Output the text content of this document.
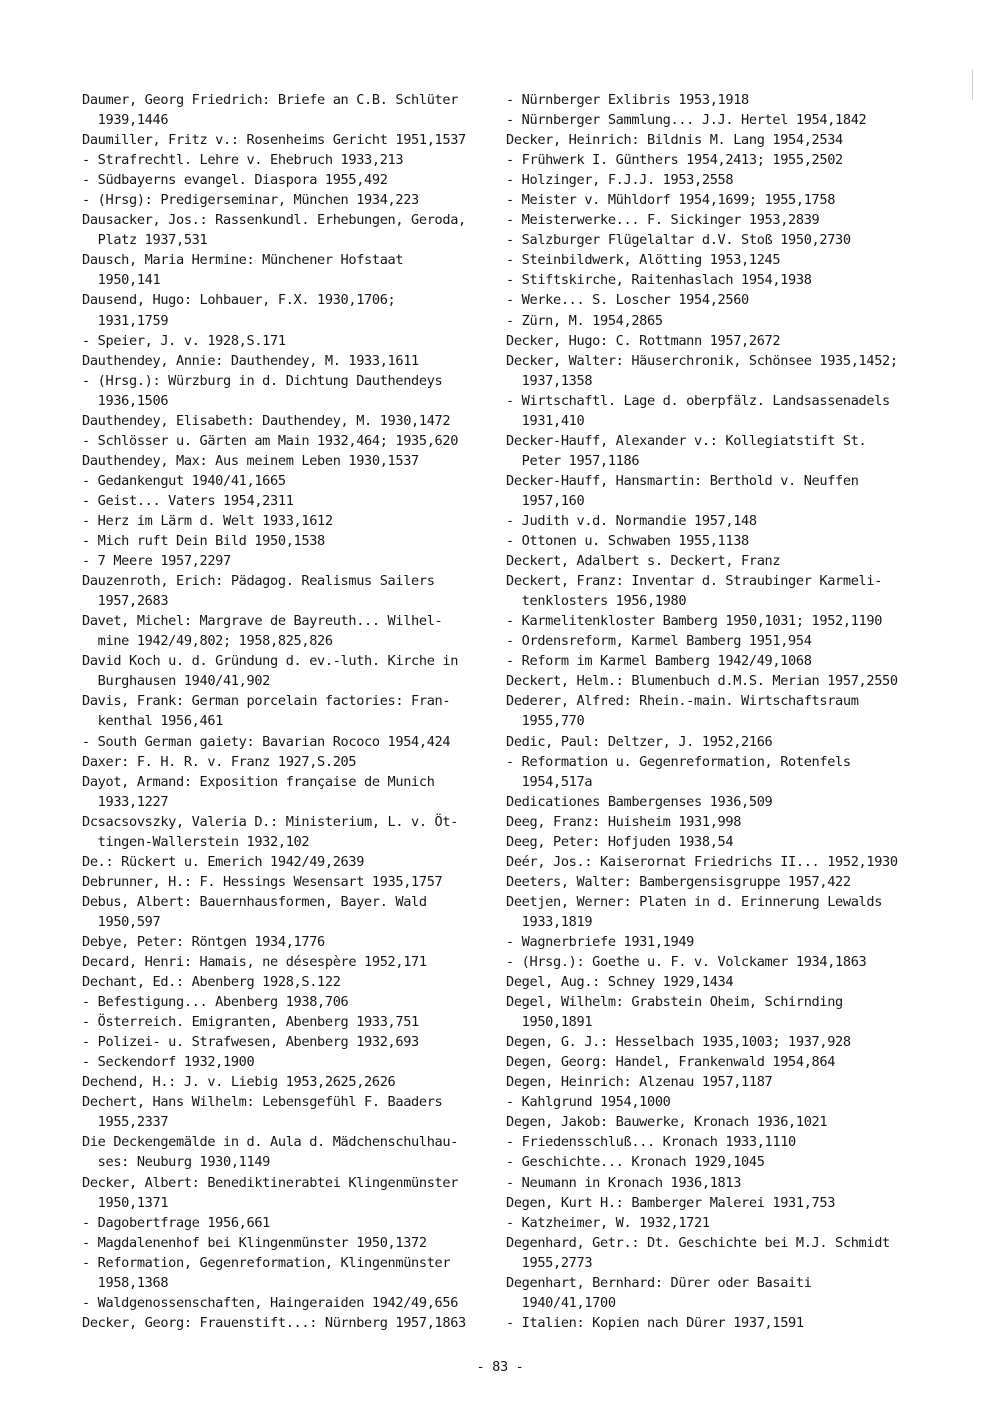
Daumer, Georg Friedrich: Briefe an C.B. Schlüter
1939,1446
Daumiller, Fritz v.: Rosenheims Gericht 1951,1537
- Strafrechtl. Lehre v. Ehebruch 1933,213
- Südbayerns evangel. Diaspora 1955,492
- (Hrsg): Predigerseminar, München 1934,223
Dausacker, Jos.: Rassenkundl. Erhebungen, Geroda,
Platz 1937,531
Dausch, Maria Hermine: Münchener Hofstaat
1950,141
Dausend, Hugo: Lohbauer, F.X. 1930,1706;
1931,1759
- Speier, J. v. 1928,S.171
Dauthendey, Annie: Dauthendey, M. 1933,1611
- (Hrsg.): Würzburg in d. Dichtung Dauthendeys
1936,1506
Dauthendey, Elisabeth: Dauthendey, M. 1930,1472
- Schlösser u. Gärten am Main 1932,464; 1935,620
Dauthendey, Max: Aus meinem Leben 1930,1537
- Gedankengut 1940/41,1665
- Geist... Vaters 1954,2311
- Herz im Lärm d. Welt 1933,1612
- Mich ruft Dein Bild 1950,1538
- 7 Meere 1957,2297
Dauzenroth, Erich: Pädagog. Realismus Sailers
1957,2683
Davet, Michel: Margrave de Bayreuth... Wilhel-
mine 1942/49,802; 1958,825,826
David Koch u. d. Gründung d. ev.-luth. Kirche in
Burghausen 1940/41,902
Davis, Frank: German porcelain factories: Fran-
kenthal 1956,461
- South German gaiety: Bavarian Rococo 1954,424
Daxer: F. H. R. v. Franz 1927,S.205
Dayot, Armand: Exposition française de Munich
1933,1227
Dcsacsovszky, Valeria D.: Ministerium, L. v. Öt-
tingen-Wallerstein 1932,102
De.: Rückert u. Emerich 1942/49,2639
Debrunner, H.: F. Hessings Wesensart 1935,1757
Debus, Albert: Bauernhausformen, Bayer. Wald
1950,597
Debye, Peter: Röntgen 1934,1776
Decard, Henri: Hamais, ne désespère 1952,171
Dechant, Ed.: Abenberg 1928,S.122
- Befestigung... Abenberg 1938,706
- Österreich. Emigranten, Abenberg 1933,751
- Polizei- u. Strafwesen, Abenberg 1932,693
- Seckendorf 1932,1900
Dechend, H.: J. v. Liebig 1953,2625,2626
Dechert, Hans Wilhelm: Lebensgefühl F. Baaders
1955,2337
Die Deckengemälde in d. Aula d. Mädchenschulhau-
ses: Neuburg 1930,1149
Decker, Albert: Benediktinerabtei Klingenmünster
1950,1371
- Dagobertfrage 1956,661
- Magdalenenhof bei Klingenmünster 1950,1372
- Reformation, Gegenreformation, Klingenmünster
1958,1368
- Waldgenossenschaften, Haingeraiden 1942/49,656
Decker, Georg: Frauenstift...: Nürnberg 1957,1863
- Nürnberger Exlibris 1953,1918
- Nürnberger Sammlung... J.J. Hertel 1954,1842
Decker, Heinrich: Bildnis M. Lang 1954,2534
- Frühwerk I. Günthers 1954,2413; 1955,2502
- Holzinger, F.J.J. 1953,2558
- Meister v. Mühldorf 1954,1699; 1955,1758
- Meisterwerke... F. Sickinger 1953,2839
- Salzburger Flügelaltar d.V. Stoß 1950,2730
- Steinbildwerk, Alötting 1953,1245
- Stiftskirche, Raitenhaslach 1954,1938
- Werke... S. Loscher 1954,2560
- Zürn, M. 1954,2865
Decker, Hugo: C. Rottmann 1957,2672
Decker, Walter: Häuserchronik, Schönsee 1935,1452;
1937,1358
- Wirtschaftl. Lage d. oberpfälz. Landsassenadels
1931,410
Decker-Hauff, Alexander v.: Kollegiatstift St.
Peter 1957,1186
Decker-Hauff, Hansmartin: Berthold v. Neuffen
1957,160
- Judith v.d. Normandie 1957,148
- Ottonen u. Schwaben 1955,1138
Deckert, Adalbert s. Deckert, Franz
Deckert, Franz: Inventar d. Straubinger Karmeli-
tenklosters 1956,1980
- Karmelitenkloster Bamberg 1950,1031; 1952,1190
- Ordensreform, Karmel Bamberg 1951,954
- Reform im Karmel Bamberg 1942/49,1068
Deckert, Helm.: Blumenbuch d.M.S. Merian 1957,2550
Dederer, Alfred: Rhein.-main. Wirtschaftsraum
1955,770
Dedic, Paul: Deltzer, J. 1952,2166
- Reformation u. Gegenreformation, Rotenfels
1954,517a
Dedicationes Bambergenses 1936,509
Deeg, Franz: Huisheim 1931,998
Deeg, Peter: Hofjuden 1938,54
Deér, Jos.: Kaiserornat Friedrichs II... 1952,1930
Deeters, Walter: Bambergensisgruppe 1957,422
Deetjen, Werner: Platen in d. Erinnerung Lewalds
1933,1819
- Wagnerbriefe 1931,1949
- (Hrsg.): Goethe u. F. v. Volckamer 1934,1863
Degel, Aug.: Schney 1929,1434
Degel, Wilhelm: Grabstein Oheim, Schirnding
1950,1891
Degen, G. J.: Hesselbach 1935,1003; 1937,928
Degen, Georg: Handel, Frankenwald 1954,864
Degen, Heinrich: Alzenau 1957,1187
- Kahlgrund 1954,1000
Degen, Jakob: Bauwerke, Kronach 1936,1021
- Friedensschluß... Kronach 1933,1110
- Geschichte... Kronach 1929,1045
- Neumann in Kronach 1936,1813
Degen, Kurt H.: Bamberger Malerei 1931,753
- Katzheimer, W. 1932,1721
Degenhard, Getr.: Dt. Geschichte bei M.J. Schmidt
1955,2773
Degenhart, Bernhard: Dürer oder Basaiti
1940/41,1700
- Italien: Kopien nach Dürer 1937,1591
- 83 -
